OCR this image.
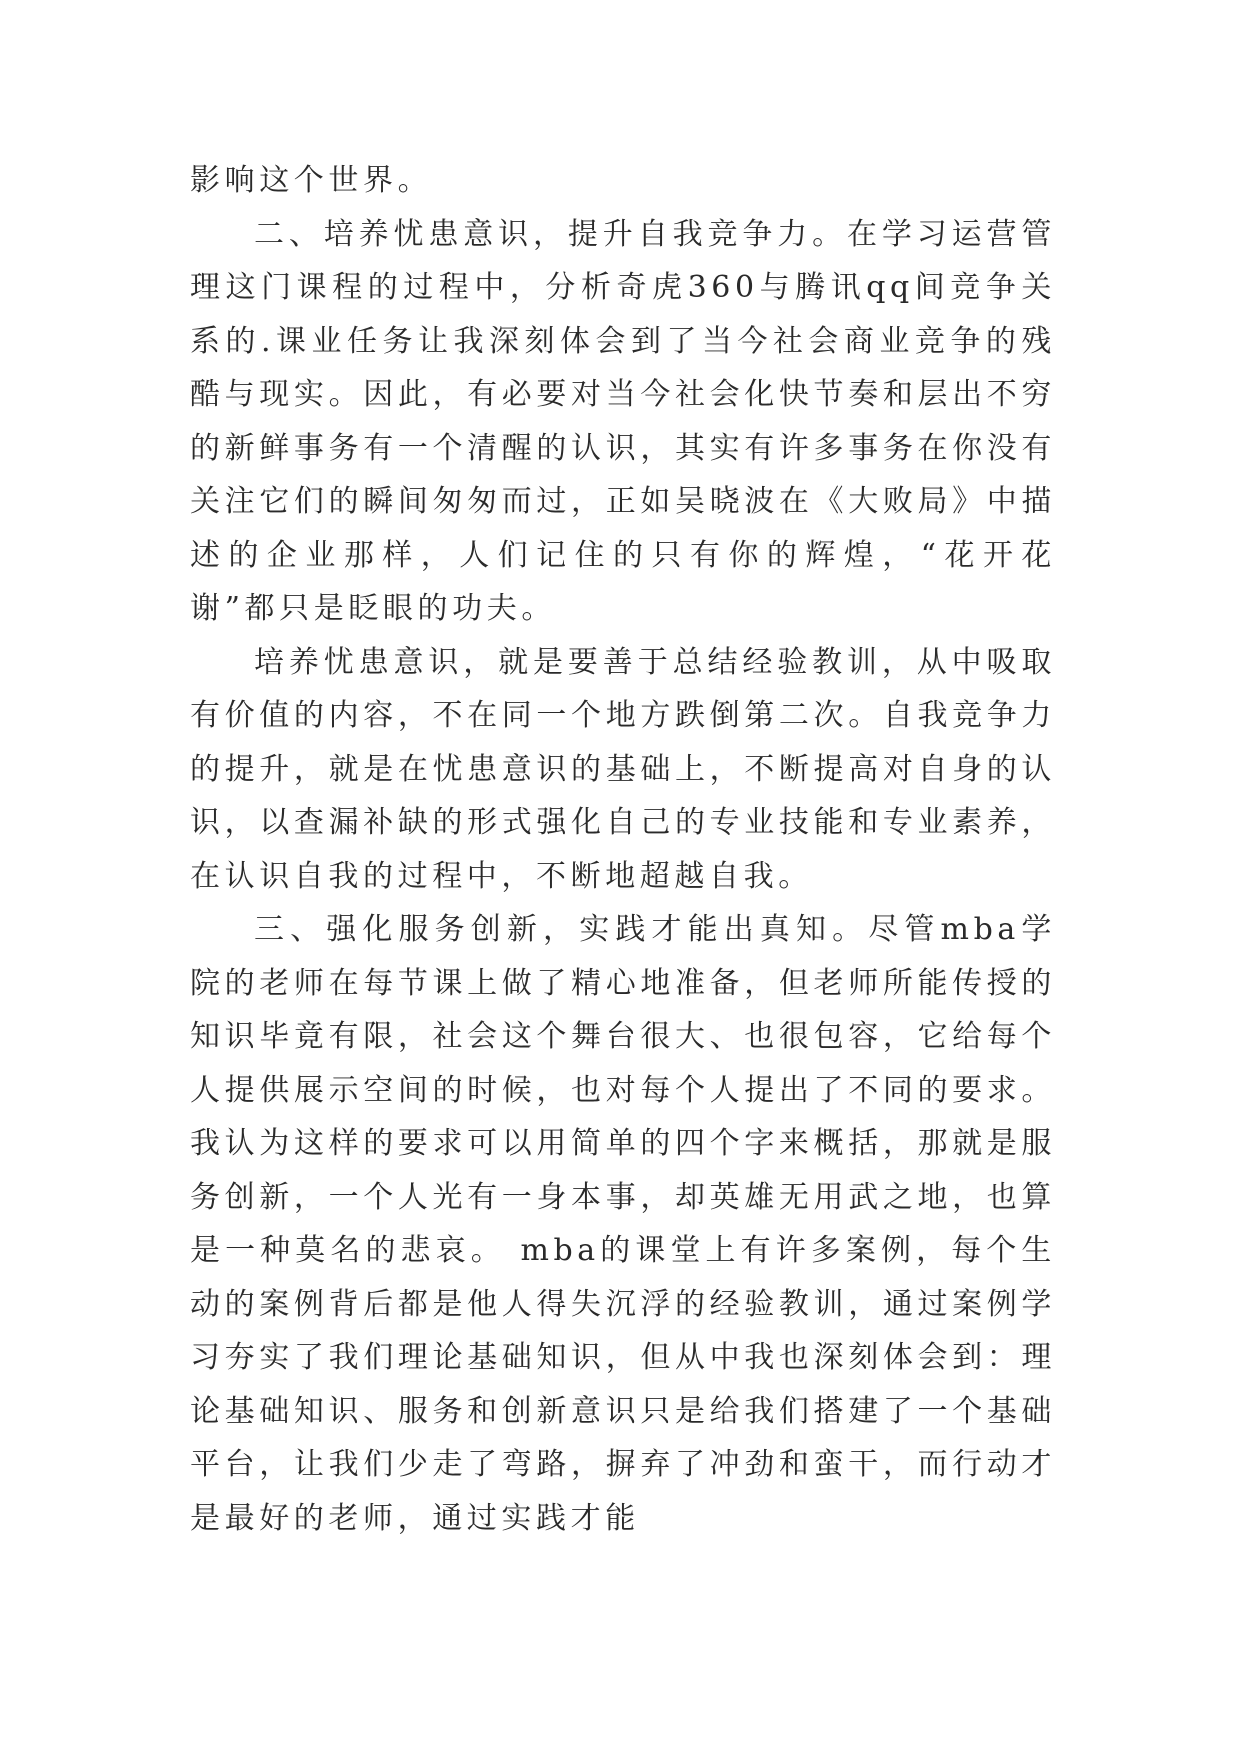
影响这个世界。

二、培养忧患意识，提升自我竞争力。在学习运营管理这门课程的过程中，分析奇虎360与腾讯qq间竞争关系的.课业任务让我深刻体会到了当今社会商业竞争的残酷与现实。因此，有必要对当今社会化快节奏和层出不穷的新鲜事务有一个清醒的认识，其实有许多事务在你没有关注它们的瞬间匆匆而过，正如吴晓波在《大败局》中描述的企业那样，人们记住的只有你的辉煌，“花开花谢”都只是眨眼的功夫。

培养忧患意识，就是要善于总结经验教训，从中吸取有价值的内容，不在同一个地方跌倒第二次。自我竞争力的提升，就是在忧患意识的基础上，不断提高对自身的认识，以查漏补缺的形式强化自己的专业技能和专业素养，在认识自我的过程中，不断地超越自我。

三、强化服务创新，实践才能出真知。尽管mba学院的老师在每节课上做了精心地准备，但老师所能传授的知识毕竟有限，社会这个舞台很大、也很包容，它给每个人提供展示空间的时候，也对每个人提出了不同的要求。我认为这样的要求可以用简单的四个字来概括，那就是服务创新，一个人光有一身本事，却英雄无用武之地，也算是一种莫名的悲哀。 mba的课堂上有许多案例，每个生动的案例背后都是他人得失沉浮的经验教训，通过案例学习夯实了我们理论基础知识，但从中我也深刻体会到：理论基础知识、服务和创新意识只是给我们搭建了一个基础平台，让我们少走了弯路，摒弃了冲劲和蛮干，而行动才是最好的老师，通过实践才能
